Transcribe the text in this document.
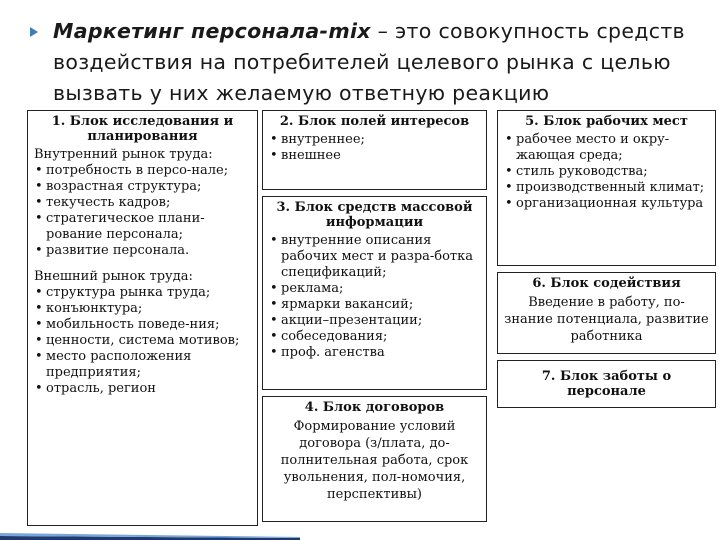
Маркетинг персонала-mix – это совокупность средств воздействия на потребителей целевого рынка с целью вызвать у них желаемую ответную реакцию
1. Блок исследования и планирования

Внутренний рынок труда:

• потребность в персо-нале;
• возрастная структура;
• текучесть кадров;
• стратегическое плани-рование персонала;
• развитие персонала.

Внешний рынок труда:

• структура рынка труда;
• конъюнктура;
• мобильность поведе-ния;
• ценности, система мотивов;
• место расположения предприятия;
• отрасль, регион
2. Блок полей интересов
• внутреннее;
• внешнее
3. Блок средств массовой информации
• внутренние описания рабочих мест и разра-ботка спецификаций;
• реклама;
• ярмарки вакансий;
• акции–презентации;
• собеседования;
• проф. агенства
4. Блок договоров

Формирование условий договора (з/плата, до-полнительная работа, срок увольнения, пол-номочия, перспективы)

5. Блок рабочих мест
• рабочее место и окру-жающая среда;
• стиль руководства;
• производственный климат;
• организационная культура
6. Блок содействия

Введение в работу, по-знание потенциала, развитие работника

7. Блок заботы о персонале
